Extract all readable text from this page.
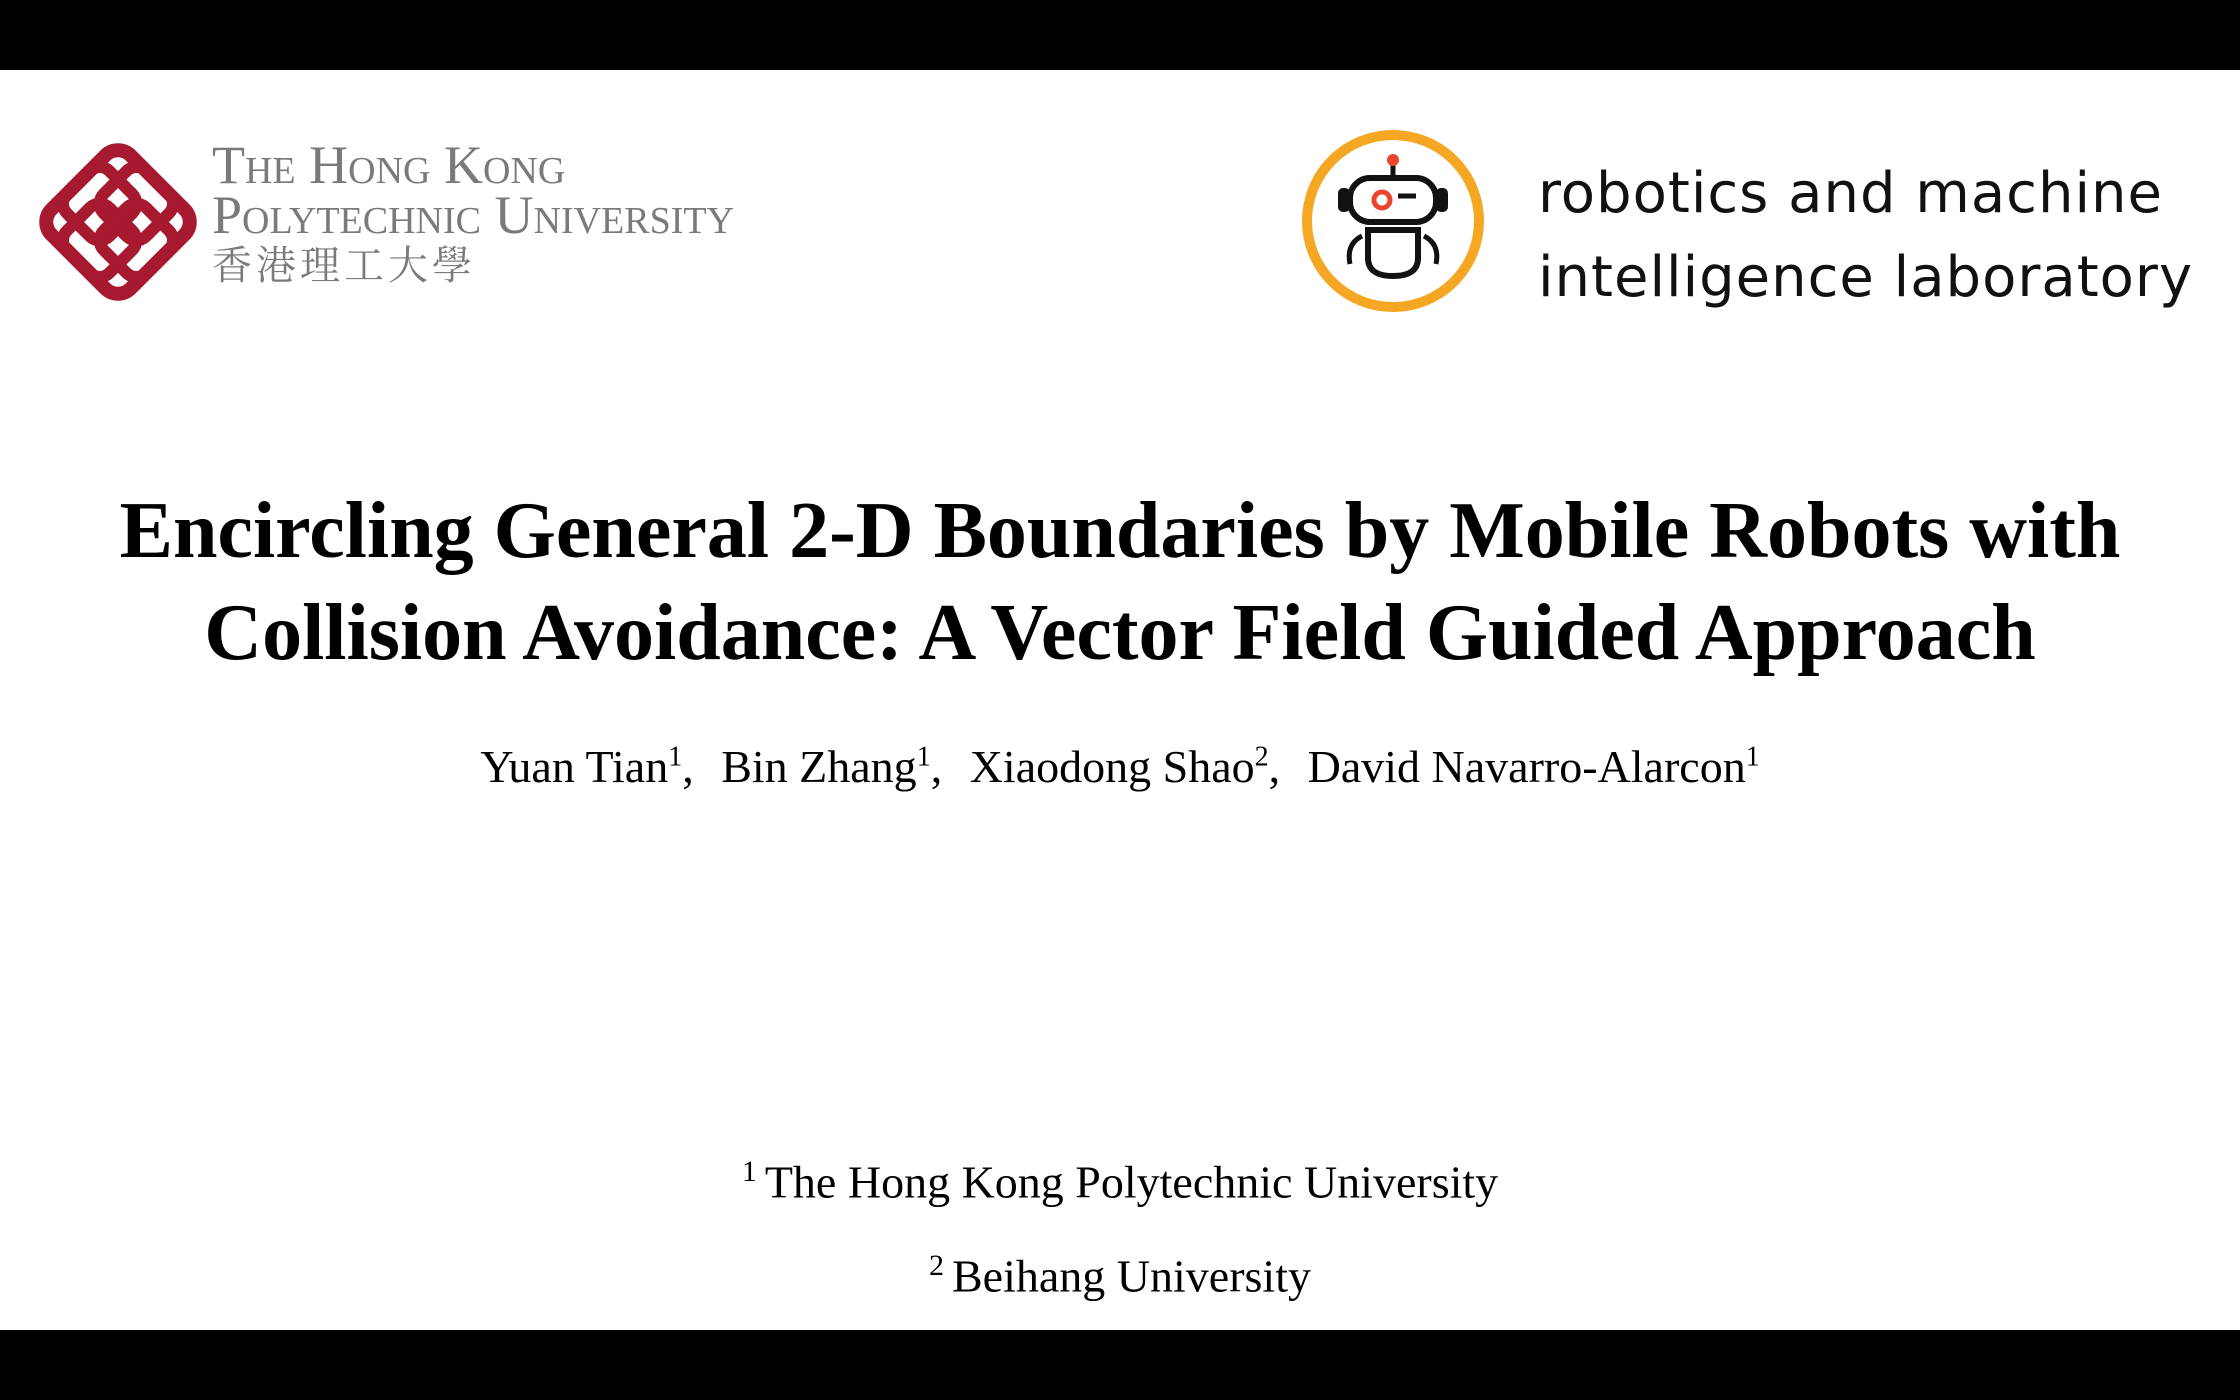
The Hong Kong
Polytechnic University
香港理工大學
robotics and machine
intelligence laboratory
Encircling General 2-D Boundaries by Mobile Robots with
Collision Avoidance: A Vector Field Guided Approach
Yuan Tian$^1$, Bin Zhang$^1$, Xiaodong Shao$^2$, David Navarro-Alarcon$^1$
$^1$ The Hong Kong Polytechnic University
$^2$ Beihang University
